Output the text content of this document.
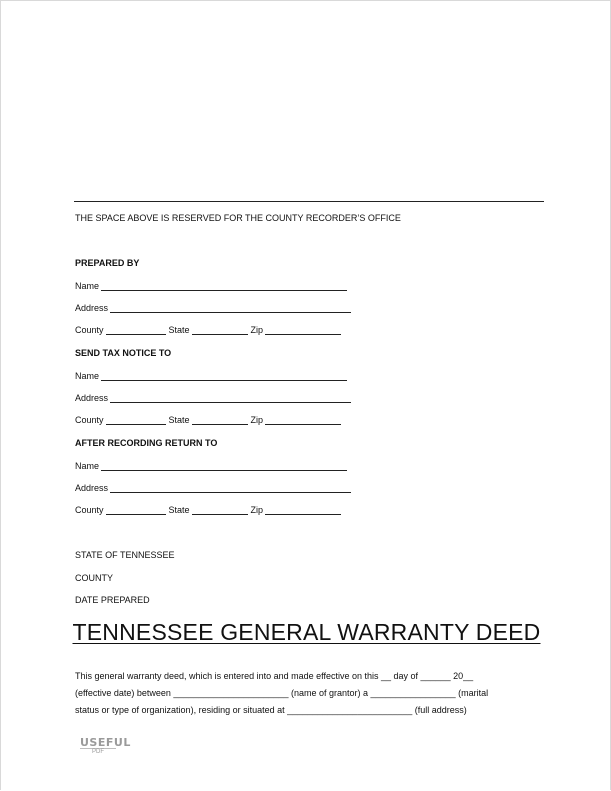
THE SPACE ABOVE IS RESERVED FOR THE COUNTY RECORDER’S OFFICE
PREPARED BY
Name
Address
County	State	Zip
SEND TAX NOTICE TO
Name
Address
County	State	Zip
AFTER RECORDING RETURN TO
Name
Address
County	State	Zip
STATE OF TENNESSEE
COUNTY
DATE PREPARED
TENNESSEE GENERAL WARRANTY DEED
This general warranty deed, which is entered into and made effective on this __ day of ______ 20__
(effective date) between _______________________ (name of grantor) a _________________ (marital
status or type of organization), residing or situated at _________________________ (full address)
USEFUL
PDF
